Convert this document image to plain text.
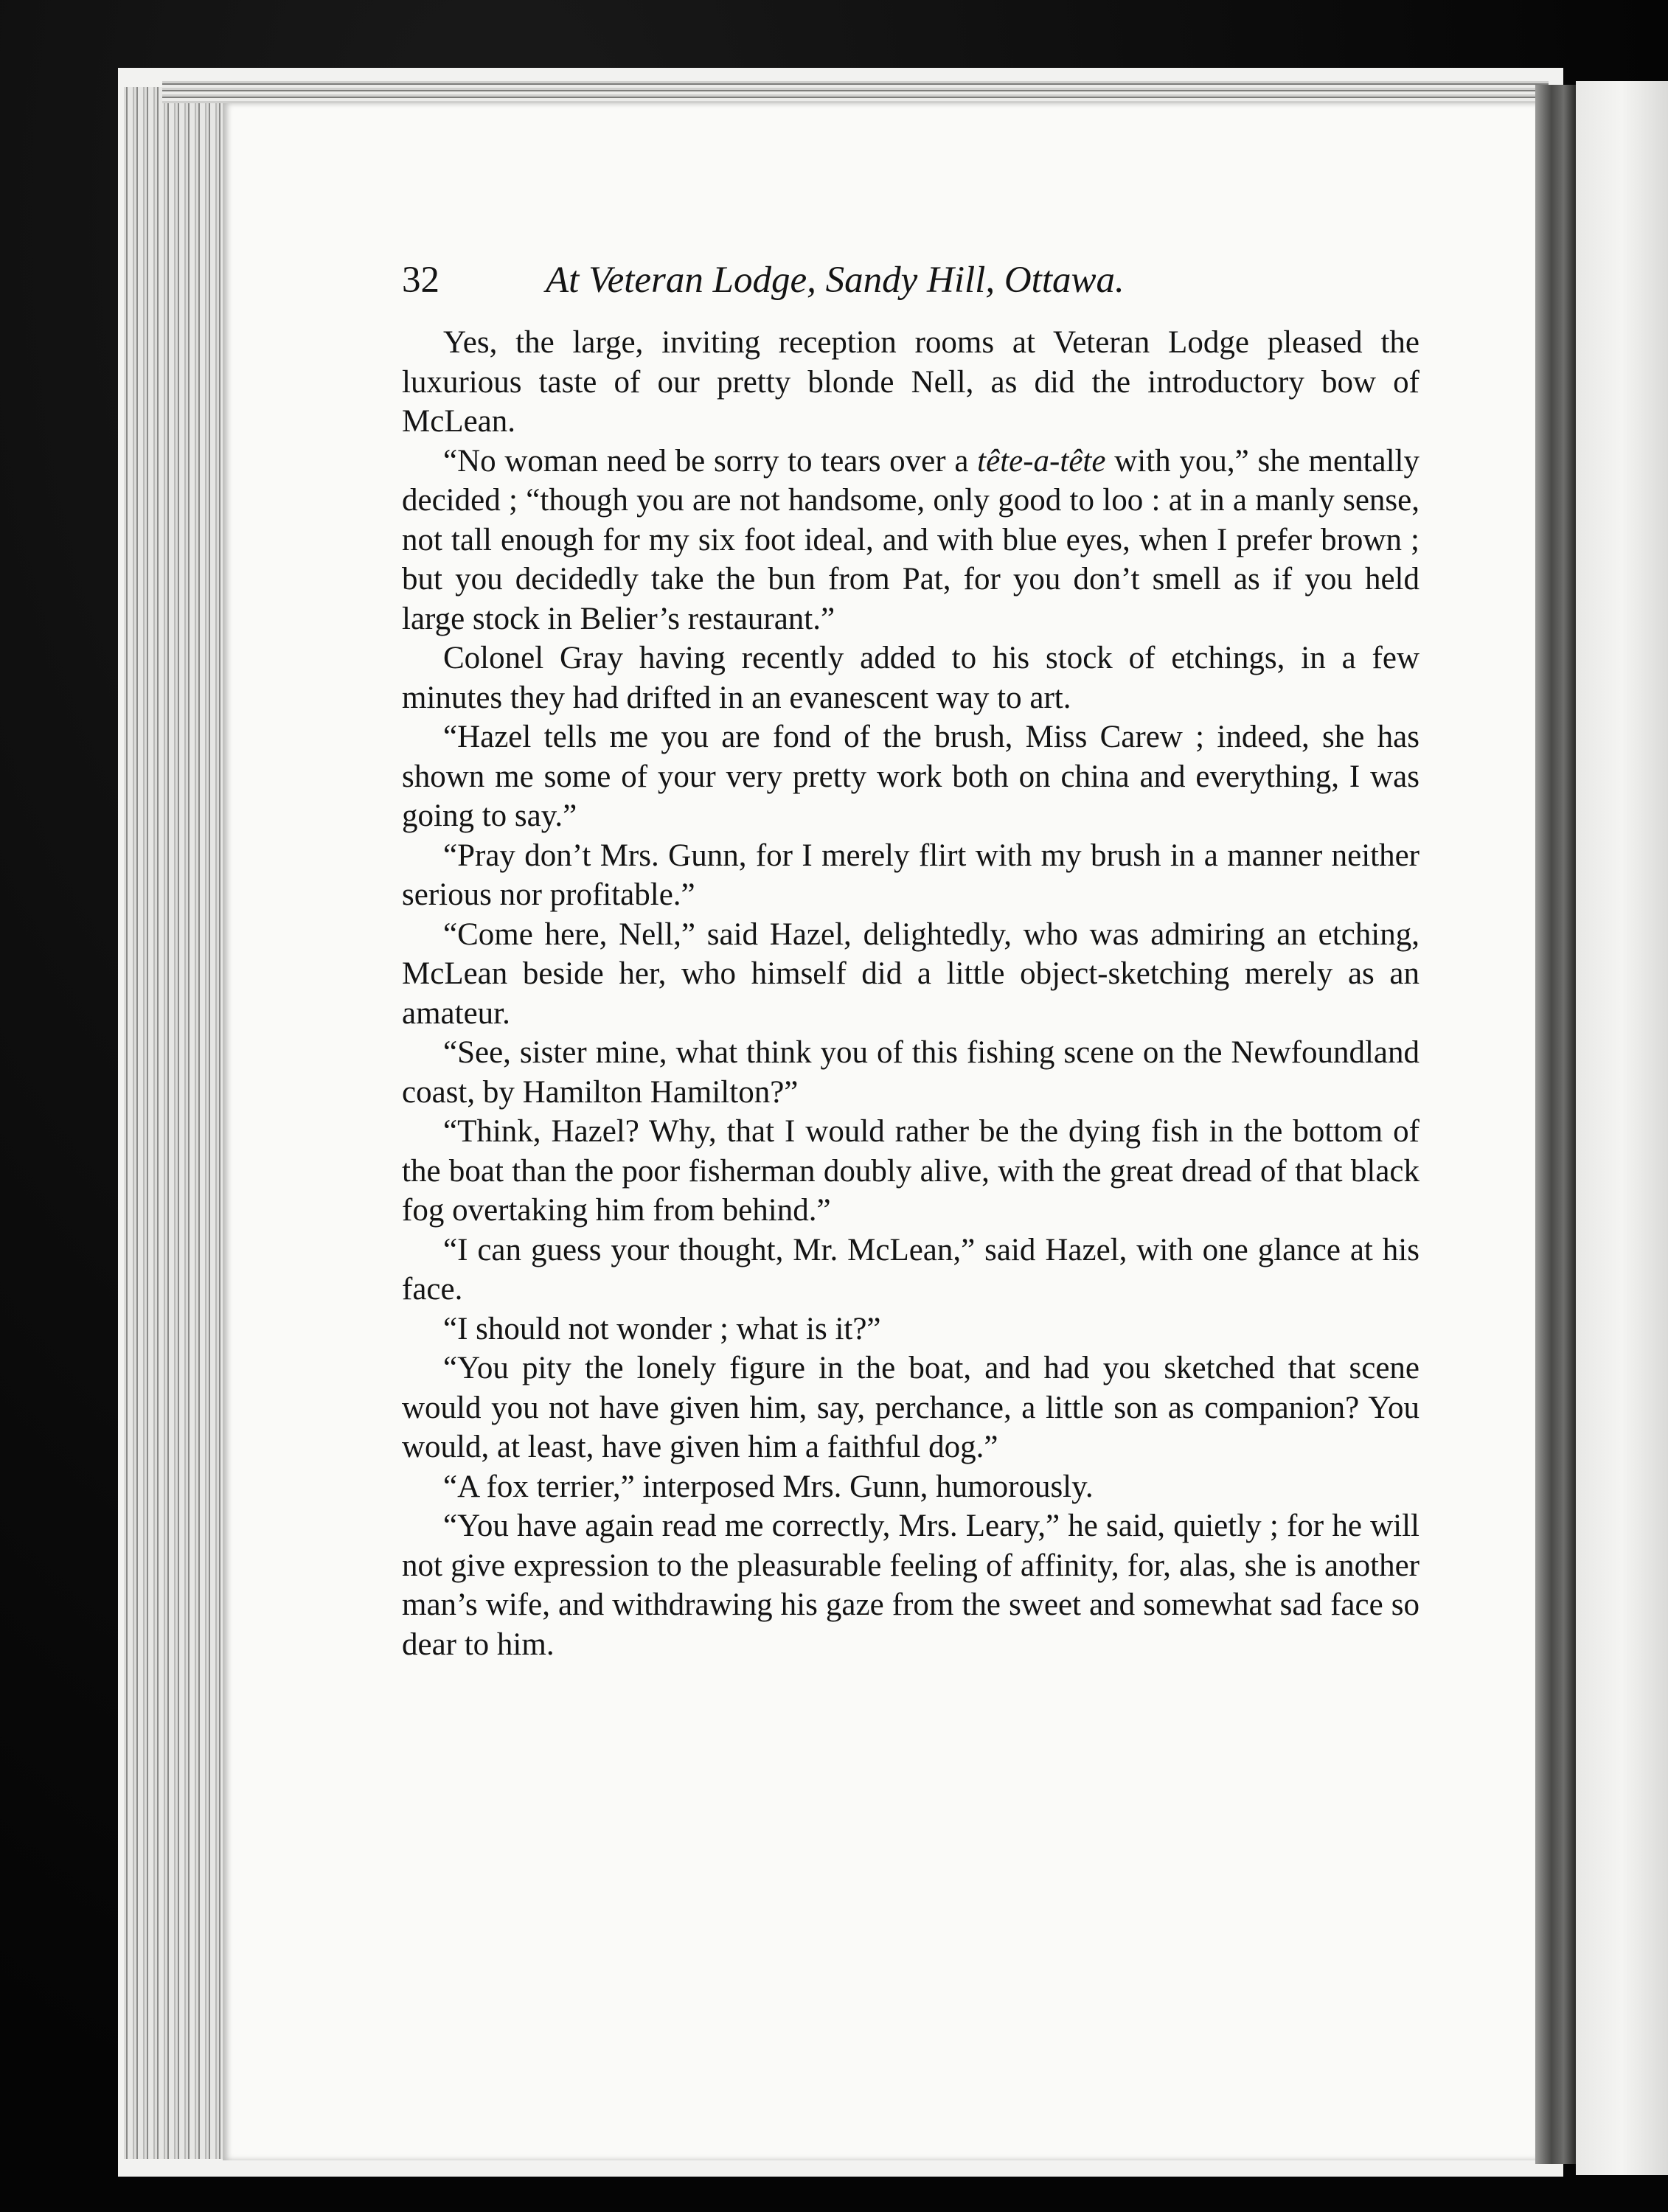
32	At Veteran Lodge, Sandy Hill, Ottawa.

Yes, the large, inviting reception rooms at Veteran Lodge pleased the luxurious taste of our pretty blonde Nell, as did the introductory bow of McLean.

“No woman need be sorry to tears over a tête-a-tête with you,” she mentally decided ; “though you are not handsome, only good to loo : at in a manly sense, not tall enough for my six foot ideal, and with blue eyes, when I prefer brown ; but you decidedly take the bun from Pat, for you don’t smell as if you held large stock in Belier’s restaurant.”

Colonel Gray having recently added to his stock of etchings, in a few minutes they had drifted in an evanescent way to art.

“Hazel tells me you are fond of the brush, Miss Carew ; indeed, she has shown me some of your very pretty work both on china and everything, I was going to say.”

“Pray don’t Mrs. Gunn, for I merely flirt with my brush in a manner neither serious nor profitable.”

“Come here, Nell,” said Hazel, delightedly, who was admiring an etching, McLean beside her, who himself did a little object-sketching merely as an amateur.

“See, sister mine, what think you of this fishing scene on the Newfoundland coast, by Hamilton Hamilton?”

“Think, Hazel? Why, that I would rather be the dying fish in the bottom of the boat than the poor fisherman doubly alive, with the great dread of that black fog overtaking him from behind.”

“I can guess your thought, Mr. McLean,” said Hazel, with one glance at his face.

“I should not wonder ; what is it?”

“You pity the lonely figure in the boat, and had you sketched that scene would you not have given him, say, perchance, a little son as companion? You would, at least, have given him a faithful dog.”

“A fox terrier,” interposed Mrs. Gunn, humorously.

“You have again read me correctly, Mrs. Leary,” he said, quietly ; for he will not give expression to the pleasurable feeling of affinity, for, alas, she is another man’s wife, and withdrawing his gaze from the sweet and somewhat sad face so dear to him.
